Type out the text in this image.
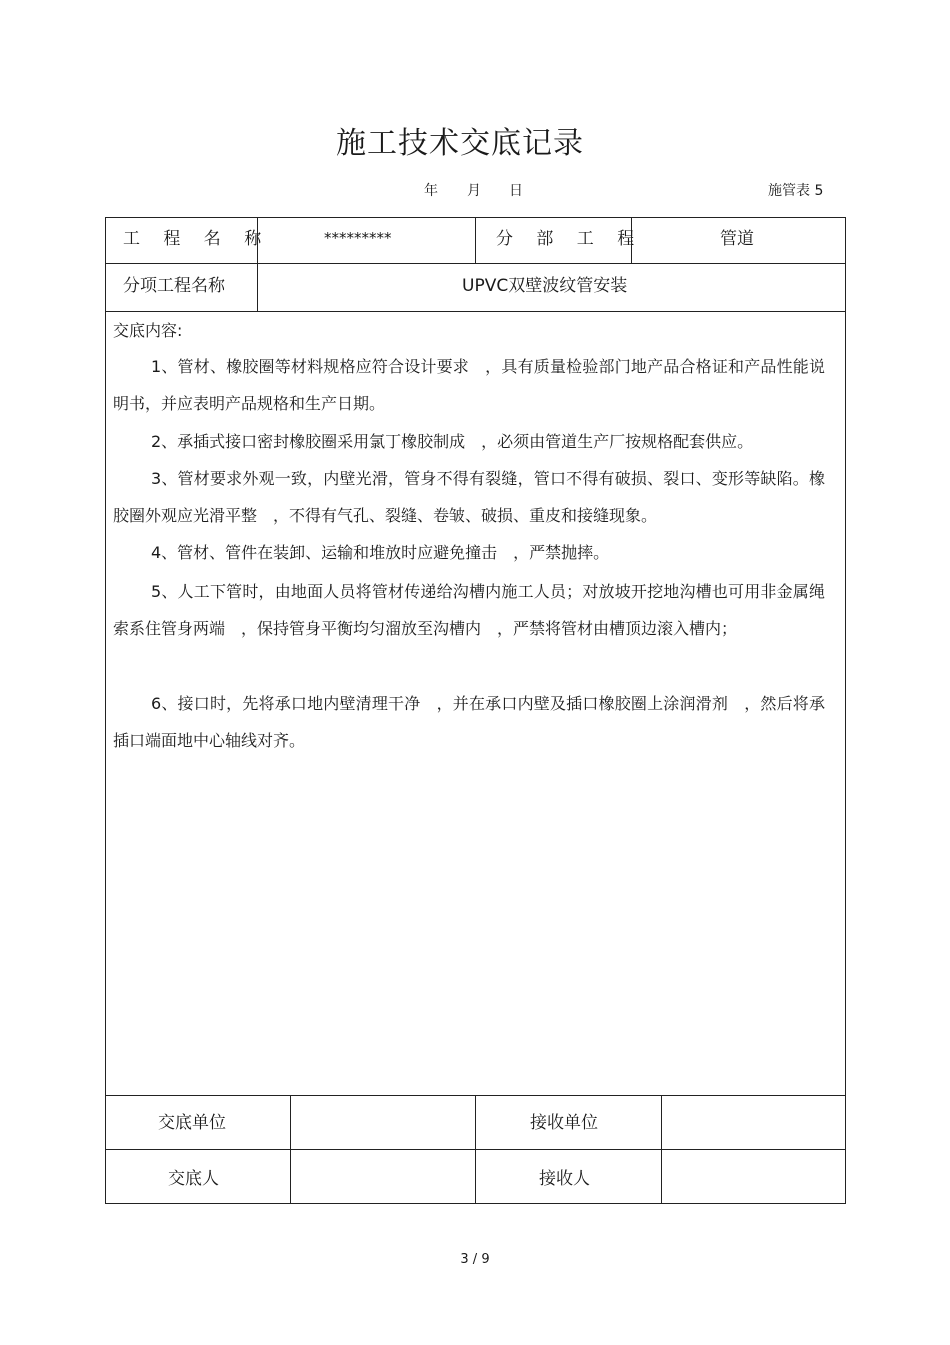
施工技术交底记录
年 月 日	施管表 5
工 程 名 称	*********	分 部 工 程	管道
分项工程名称	UPVC双壁波纹管安装
交底内容:

1、管材、橡胶圈等材料规格应符合设计要求　，具有质量检验部门地产品合格证和产品性能说明书，并应表明产品规格和生产日期。

2、承插式接口密封橡胶圈采用氯丁橡胶制成　，必须由管道生产厂按规格配套供应。

3、管材要求外观一致，内壁光滑，管身不得有裂缝，管口不得有破损、裂口、变形等缺陷。橡胶圈外观应光滑平整　，不得有气孔、裂缝、卷皱、破损、重皮和接缝现象。

4、管材、管件在装卸、运输和堆放时应避免撞击　，严禁抛摔。

5、人工下管时，由地面人员将管材传递给沟槽内施工人员；对放坡开挖地沟槽也可用非金属绳索系住管身两端　，保持管身平衡均匀溜放至沟槽内　，严禁将管材由槽顶边滚入槽内；

6、接口时，先将承口地内壁清理干净　，并在承口内壁及插口橡胶圈上涂润滑剂　，然后将承插口端面地中心轴线对齐。

交底单位	接收单位
交底人	接收人
3 / 9
